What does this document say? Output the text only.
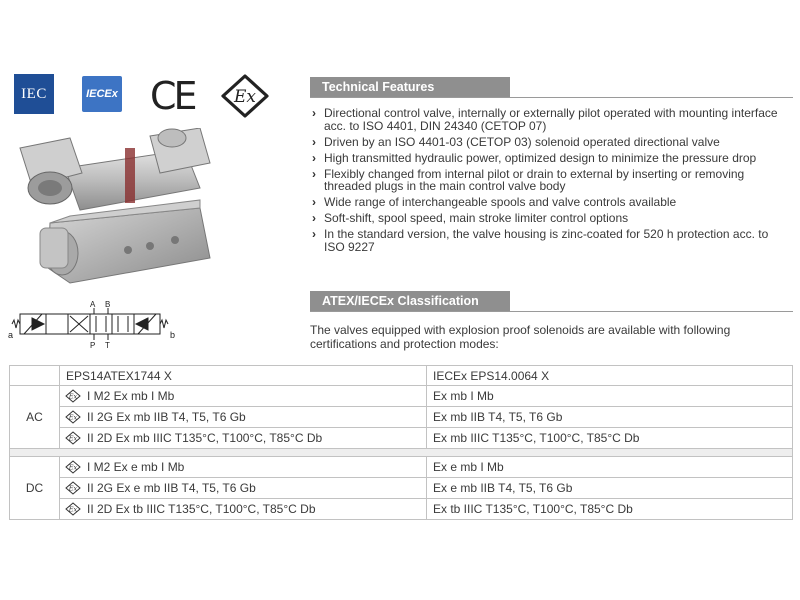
IEC	IECEx CE	Ex
a	b
A B
P T
Technical Features
› Directional control valve, internally or externally pilot operated with mounting interface acc. to ISO 4401, DIN 24340 (CETOP 07)
› Driven by an ISO 4401-03 (CETOP 03) solenoid operated directional valve
› High transmitted hydraulic power, optimized design to minimize the pressure drop
› Flexibly changed from internal pilot or drain to external by inserting or removing threaded plugs in the main control valve body
› Wide range of interchangeable spools and valve controls available
› Soft-shift, spool speed, main stroke limiter control options
› In the standard version, the valve housing is zinc-coated for 520 h protection acc. to ISO 9227
ATEX/IECEx Classification
The valves equipped with explosion proof solenoids are available with following certifications and protection modes:
	EPS14ATEX1744 X	IECEx EPS14.0064 X
AC	Ex I M2 Ex mb I Mb	Ex mb I Mb

Ex II 2G Ex mb IIB T4, T5, T6 Gb	Ex mb IIB T4, T5, T6 Gb

Ex II 2D Ex mb IIIC T135°C, T100°C, T85°C Db	Ex mb IIIC T135°C, T100°C, T85°C Db

DC	Ex I M2 Ex e mb I Mb	Ex e mb I Mb

Ex II 2G Ex e mb IIB T4, T5, T6 Gb	Ex e mb IIB T4, T5, T6 Gb

Ex II 2D Ex tb IIIC T135°C, T100°C, T85°C Db	Ex tb IIIC T135°C, T100°C, T85°C Db
